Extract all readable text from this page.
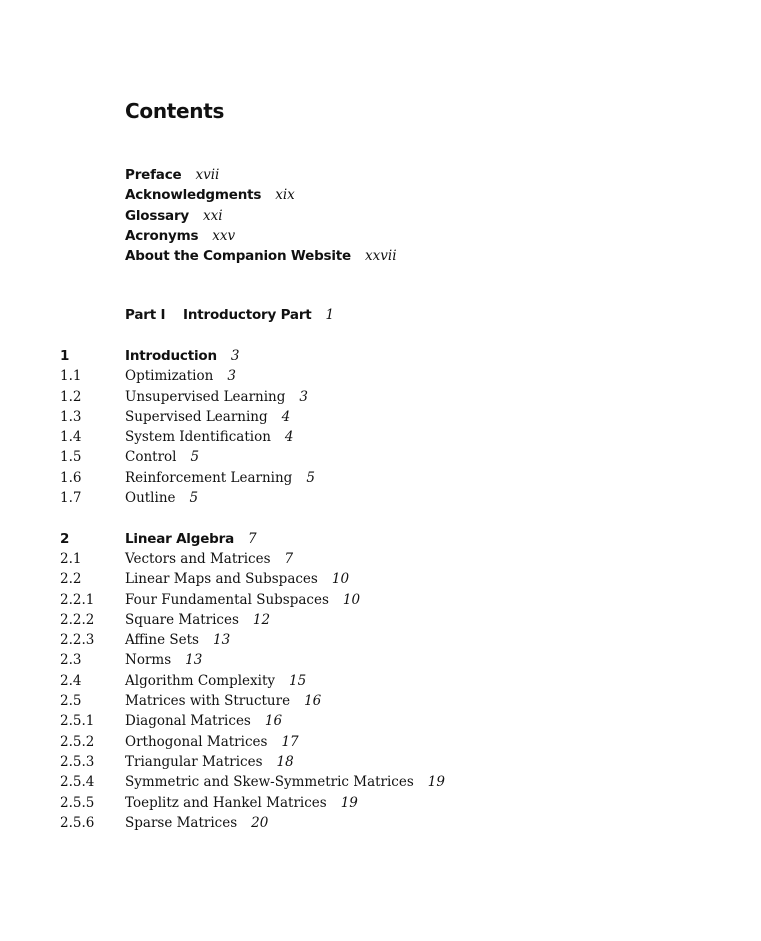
Contents
Preface xvii
Acknowledgments xix
Glossary xxi
Acronyms xxv
About the Companion Website xxvii
Part I Introductory Part 1
1	Introduction 3
1.1	Optimization 3
1.2	Unsupervised Learning 3
1.3	Supervised Learning 4
1.4	System Identification 4
1.5	Control 5
1.6	Reinforcement Learning 5
1.7	Outline 5
2	Linear Algebra 7
2.1	Vectors and Matrices 7
2.2	Linear Maps and Subspaces 10
2.2.1 Four Fundamental Subspaces 10
2.2.2 Square Matrices 12
2.2.3 Affine Sets 13
2.3	Norms 13
2.4	Algorithm Complexity 15
2.5	Matrices with Structure 16
2.5.1 Diagonal Matrices 16
2.5.2 Orthogonal Matrices 17
2.5.3 Triangular Matrices 18
2.5.4 Symmetric and Skew-Symmetric Matrices 19
2.5.5 Toeplitz and Hankel Matrices 19
2.5.6 Sparse Matrices 20
